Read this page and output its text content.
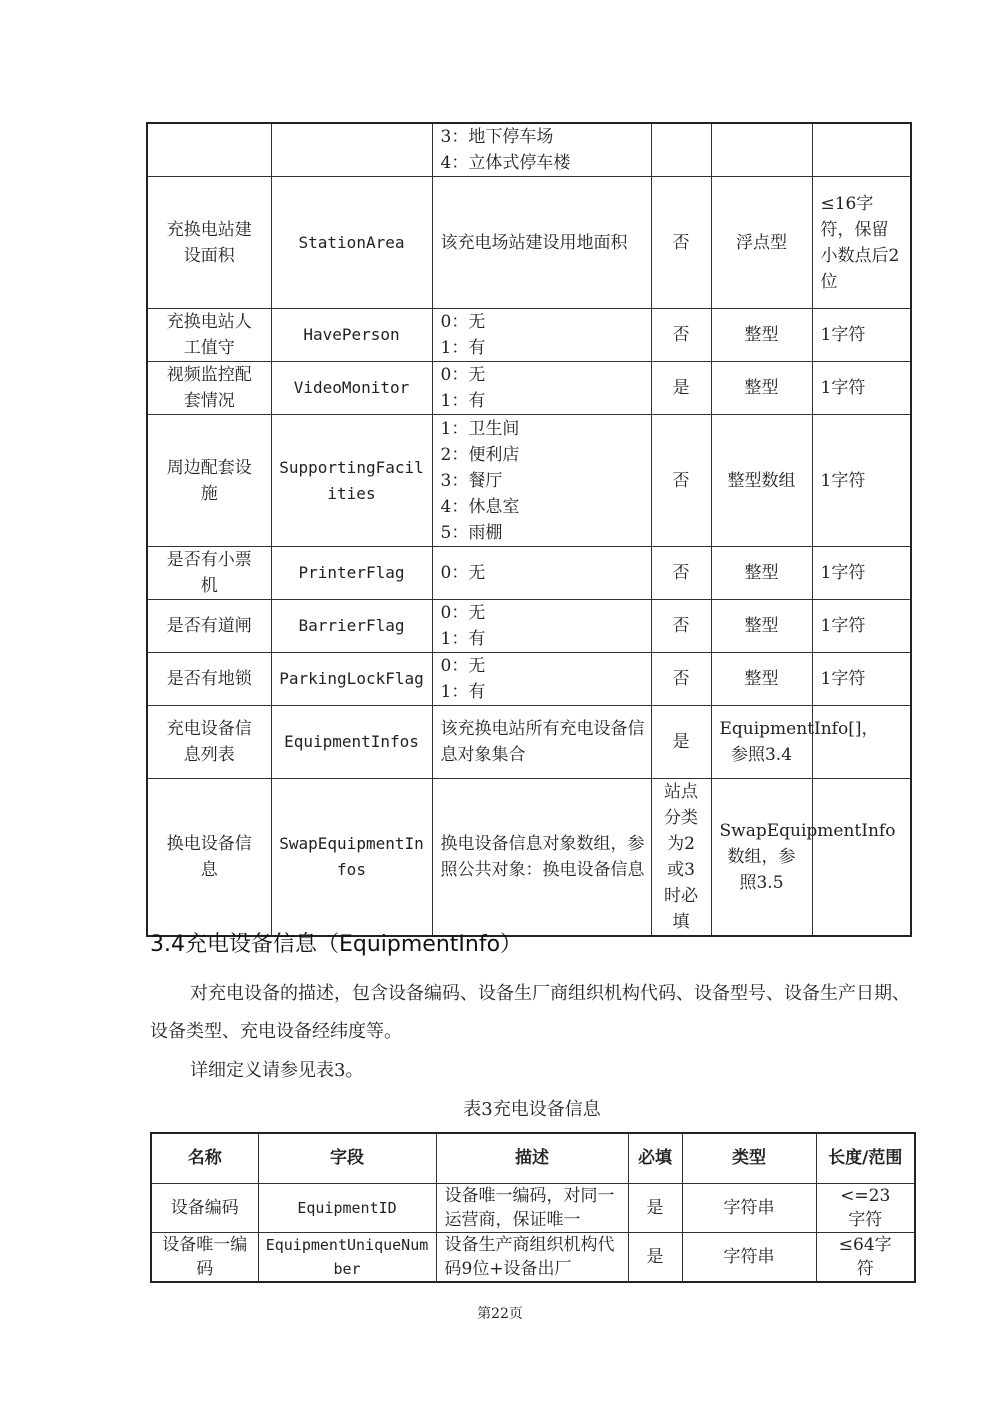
		3：地下停车场
4：立体式停车楼			

充换电站建设面积	StationArea	该充电场站建设用地面积	否	浮点型	≤16字符，保留小数点后2位
充换电站人工值守	HavePerson	0：无
1：有	否	整型	1字符
视频监控配套情况	VideoMonitor	0：无
1：有	是	整型	1字符
周边配套设施	SupportingFacilities	1：卫生间
2：便利店
3：餐厅
4：休息室
5：雨棚	否	整型数组	1字符
是否有小票机	PrinterFlag	0：无	否	整型	1字符
是否有道闸	BarrierFlag	0：无
1：有	否	整型	1字符
是否有地锁	ParkingLockFlag	0：无
1：有	否	整型	1字符
充电设备信息列表	EquipmentInfos	该充换电站所有充电设备信息对象集合	是	EquipmentInfo[]，参照3.4	
换电设备信息	SwapEquipmentInfos	换电设备信息对象数组，参照公共对象：换电设备信息	站点分类为2或3时必填	SwapEquipmentInfo数组，参照3.5	
3.4充电设备信息（EquipmentInfo）

对充电设备的描述，包含设备编码、设备生厂商组织机构代码、设备型号、设备生产日期、设备类型、充电设备经纬度等。

详细定义请参见表3。

表3充电设备信息

名称	字段	描述	必填	类型	长度/范围
设备编码	EquipmentID	设备唯一编码，对同一运营商，保证唯一	是	字符串	<=23字符
设备唯一编码	EquipmentUniqueNumber	设备生产商组织机构代码9位+设备出厂	是	字符串	≤64字符

第22页
